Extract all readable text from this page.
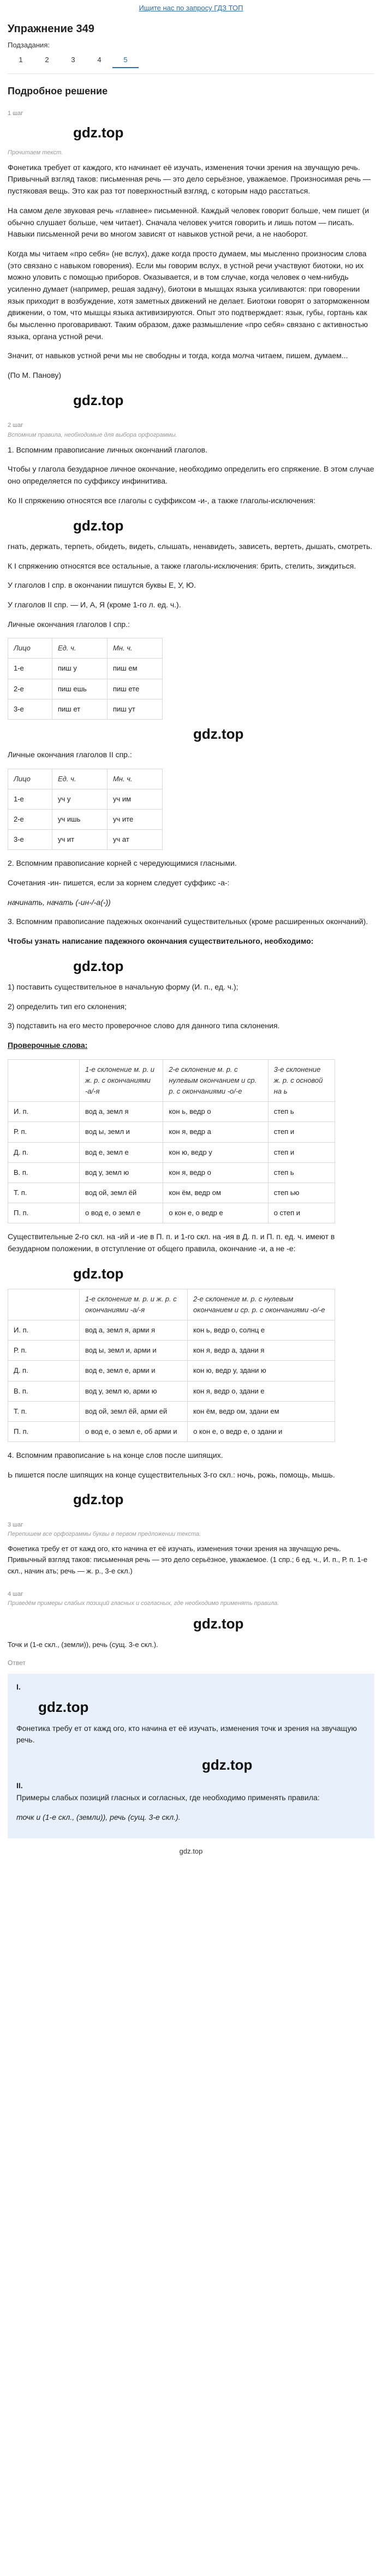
Ищите нас по запросу ГДЗ ТОП
Упражнение 349
Подзадания:
1	2	3	4	5
Подробное решение
1 шаг
gdz.top
Прочитаем текст.

Фонетика требует от каждого, кто начинает её изучать, изменения точки зрения на звучащую речь. Привычный взгляд таков: письменная речь — это дело серьёзное, уважаемое. Произносимая речь — пустяковая вещь. Это как раз тот поверхностный взгляд, с которым надо расстаться.

На самом деле звуковая речь «главнее» письменной. Каждый человек говорит больше, чем пишет (и обычно слушает больше, чем читает). Сначала человек учится говорить и лишь потом — писать. Навыки письменной речи во многом зависят от навыков устной речи, а не наоборот.

Когда мы читаем «про себя» (не вслух), даже когда просто думаем, мы мысленно произносим слова (это связано с навыком говорения). Если мы говорим вслух, в устной речи участвуют биотоки, но их можно уловить с помощью приборов. Оказывается, и в том случае, когда человек о чем-нибудь усиленно думает (например, решая задачу), биотоки в мышцах языка усиливаются: при говорении язык приходит в возбуждение, хотя заметных движений не делает. Биотоки говорят о заторможенном движении, о том, что мышцы языка активизируются. Опыт это подтверждает: язык, губы, гортань как бы мысленно проговаривают. Таким образом, даже размышление «про себя» связано с активностью языка, органа устной речи.

Значит, от навыков устной речи мы не свободны и тогда, когда молча читаем, пишем, думаем...

(По М. Панову)

gdz.top
2 шаг
Вспомним правила, необходимые для выбора орфограммы.

1. Вспомним правописание личных окончаний глаголов.

Чтобы у глагола безударное личное окончание, необходимо определить его спряжение. В этом случае оно определяется по суффиксу инфинитива.

Ко II спряжению относятся все глаголы с суффиксом -и-, а также глаголы-исключения:

gdz.top

гнать, держать, терпеть, обидеть, видеть, слышать, ненавидеть, зависеть, вертеть, дышать, смотреть.

К I спряжению относятся все остальные, а также глаголы-исключения: брить, стелить, зиждиться.

У глаголов I спр. в окончании пишутся буквы Е, У, Ю.

У глаголов II спр. — И, А, Я (кроме 1-го л. ед. ч.).

Личные окончания глаголов I спр.:

Лицо	Ед. ч.	Мн. ч.
1-е	пиш у	пиш ем
2-е	пиш ешь	пиш ете
3-е	пиш ет	пиш ут
gdz.top

Личные окончания глаголов II спр.:

Лицо	Ед. ч.	Мн. ч.
1-е	уч у	уч им
2-е	уч ишь	уч ите
3-е	уч ит	уч ат

2. Вспомним правописание корней с чередующимися гласными.

Сочетания -ин- пишется, если за корнем следует суффикс -а-:

начинать, начать (-ин-/-а(-))

3. Вспомним правописание падежных окончаний существительных (кроме расширенных окончаний).

Чтобы узнать написание падежного окончания существительного, необходимо:

gdz.top

1) поставить существительное в начальную форму (И. п., ед. ч.);

2) определить тип его склонения;

3) подставить на его место проверочное слово для данного типа склонения.

Проверочные слова:

	1-е склонение м. р. и ж. р. с окончаниями -а/-я	2-е склонение м. р. с нулевым окончанием и ср. р. с окончаниями -о/-е	3-е склонение ж. р. с основой на ь
И. п.	вод а, земл я	кон ь, ведр о	степ ь
Р. п.	вод ы, земл и	кон я, ведр а	степ и
Д. п.	вод е, земл е	кон ю, ведр у	степ и
В. п.	вод у, земл ю	кон я, ведр о	степ ь
Т. п.	вод ой, земл ёй	кон ём, ведр ом	степ ью
П. п.	о вод е, о земл е	о кон е, о ведр е	о степ и

Существительные 2-го скл. на -ий и -ие в П. п. и 1-го скл. на -ия в Д. п. и П. п. ед. ч. имеют в безударном положении, в отступление от общего правила, окончание -и, а не -е:

gdz.top
	1-е склонение м. р. и ж. р. с окончаниями -а/-я	2-е склонение м. р. с нулевым окончанием и ср. р. с окончаниями -о/-е
И. п.	вод а, земл я, арми я	кон ь, ведр о, солнц е
Р. п.	вод ы, земл и, арми и	кон я, ведр а, здани я
Д. п.	вод е, земл е, арми и	кон ю, ведр у, здани ю
В. п.	вод у, земл ю, арми ю	кон я, ведр о, здани е
Т. п.	вод ой, земл ёй, арми ей	кон ём, ведр ом, здани ем
П. п.	о вод е, о земл е, об арми и	о кон е, о ведр е, о здани и

4. Вспомним правописание ь на конце слов после шипящих.

Ь пишется после шипящих на конце существительных 3-го скл.: ночь, рожь, помощь, мышь.

gdz.top
3 шаг
Перепишем все орфограммы буквы в первом предложении текста.

Фонетика требу ет от кажд ого, кто начина ет её изучать, изменения точки зрения на звучащую речь. Привычный взгляд таков: письменная речь — это дело серьёзное, уважаемое. (1 спр.; 6 ед. ч., И. п., Р. п. 1-е скл., начин ать; речь — ж. р., 3-е скл.)

4 шаг
Приведём примеры слабых позиций гласных и согласных, где необходимо применять правила.
gdz.top

Точк и (1-е скл., (земли)), речь (сущ. 3-е скл.).

Ответ
I.
gdz.top

Фонетика требу ет от кажд ого, кто начина ет её изучать, изменения точк и зрения на звучащую речь.

gdz.top
II.

Примеры слабых позиций гласных и согласных, где необходимо применять правила:

точк и (1-е скл., (земли)), речь (сущ. 3-е скл.).

gdz.top
